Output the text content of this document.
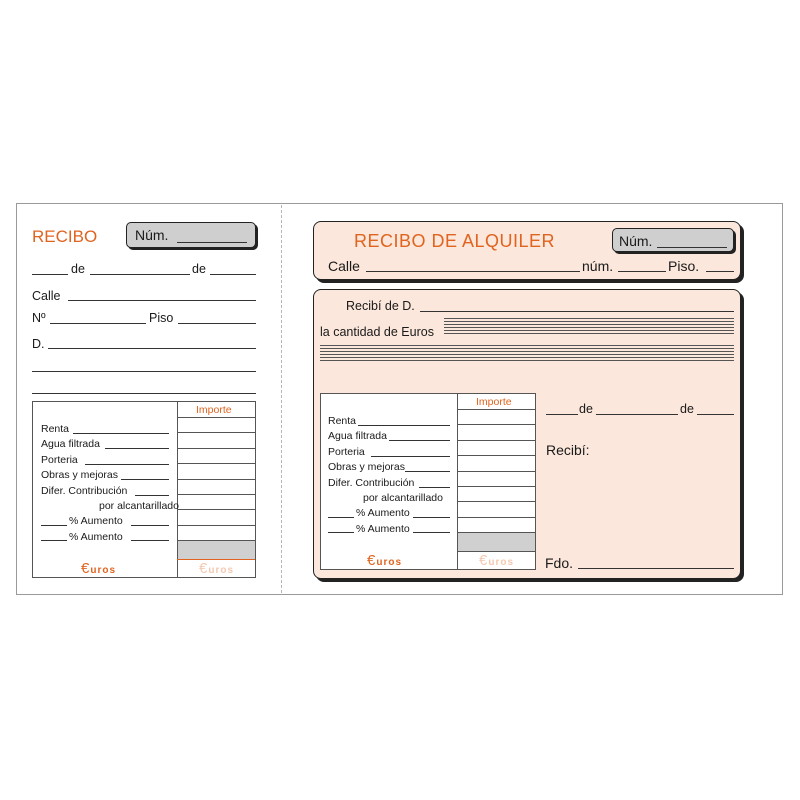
RECIBO	Núm.
de	de
Calle
Nº	Piso
D.
Importe
Renta
Agua filtrada
Porteria
Obras y mejoras
Difer. Contribución
por alcantarillado
% Aumento
% Aumento
€uros	€uros
RECIBO DE ALQUILER	Núm.
Calle	núm.	Piso.
Recibí de D.
la cantidad de Euros
de	de
Recibí:
Fdo.
Importe
Renta
Agua filtrada
Porteria
Obras y mejoras
Difer. Contribución
por alcantarillado
% Aumento
% Aumento
€uros	€uros
